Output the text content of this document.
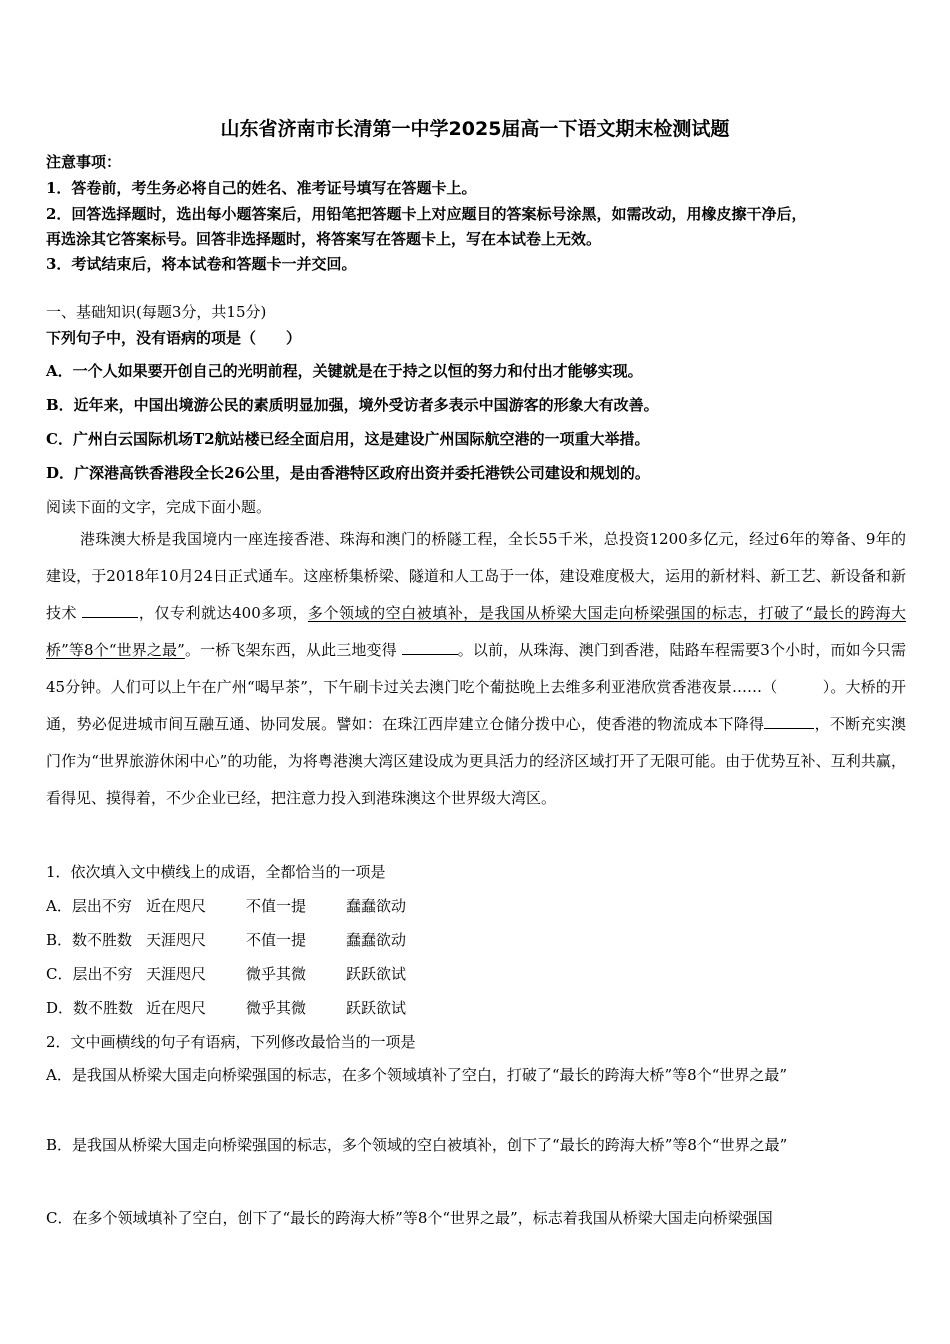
山东省济南市长清第一中学2025届高一下语文期末检测试题
注意事项：
1．答卷前，考生务必将自己的姓名、准考证号填写在答题卡上。
2．回答选择题时，选出每小题答案后，用铅笔把答题卡上对应题目的答案标号涂黑，如需改动，用橡皮擦干净后，
再选涂其它答案标号。回答非选择题时，将答案写在答题卡上，写在本试卷上无效。
3．考试结束后，将本试卷和答题卡一并交回。
一、基础知识(每题3分，共15分)
下列句子中，没有语病的项是（　　）
A．一个人如果要开创自己的光明前程，关键就是在于持之以恒的努力和付出才能够实现。
B．近年来，中国出境游公民的素质明显加强，境外受访者多表示中国游客的形象大有改善。
C．广州白云国际机场T2航站楼已经全面启用，这是建设广州国际航空港的一项重大举措。
D．广深港高铁香港段全长26公里，是由香港特区政府出资并委托港铁公司建设和规划的。
阅读下面的文字，完成下面小题。
港珠澳大桥是我国境内一座连接香港、珠海和澳门的桥隧工程，全长55千米，总投资1200多亿元，经过6年的筹备、9年的建设，于2018年10月24日正式通车。这座桥集桥梁、隧道和人工岛于一体，建设难度极大，运用的新材料、新工艺、新设备和新技术	，仅专利就达400多项，多个领域的空白被填补，是我国从桥梁大国走向桥梁强国的标志，打破了“最长的跨海大桥”等8个“世界之最”。一桥飞架东西，从此三地变得	。以前，从珠海、澳门到香港，陆路车程需要3个小时，而如今只需45分钟。人们可以上午在广州“喝早茶”，下午刷卡过关去澳门吃个葡挞晚上去维多利亚港欣赏香港夜景……（　　　）。大桥的开通，势必促进城市间互融互通、协同发展。譬如：在珠江西岸建立仓储分拨中心，使香港的物流成本下降得	，不断充实澳门作为“世界旅游休闲中心”的功能，为将粤港澳大湾区建设成为更具活力的经济区域打开了无限可能。由于优势互补、互利共赢，看得见、摸得着，不少企业已经，把注意力投入到港珠澳这个世界级大湾区。
1．依次填入文中横线上的成语，全都恰当的一项是
A．层出不穷 近在咫尺	不值一提	蠢蠢欲动
B．数不胜数 天涯咫尺	不值一提	蠢蠢欲动
C．层出不穷 天涯咫尺	微乎其微	跃跃欲试
D．数不胜数 近在咫尺	微乎其微	跃跃欲试
2．文中画横线的句子有语病，下列修改最恰当的一项是
A．是我国从桥梁大国走向桥梁强国的标志，在多个领域填补了空白，打破了“最长的跨海大桥”等8个“世界之最”
B．是我国从桥梁大国走向桥梁强国的标志，多个领域的空白被填补，创下了“最长的跨海大桥”等8个“世界之最”
C．在多个领域填补了空白，创下了“最长的跨海大桥”等8个“世界之最”，标志着我国从桥梁大国走向桥梁强国
